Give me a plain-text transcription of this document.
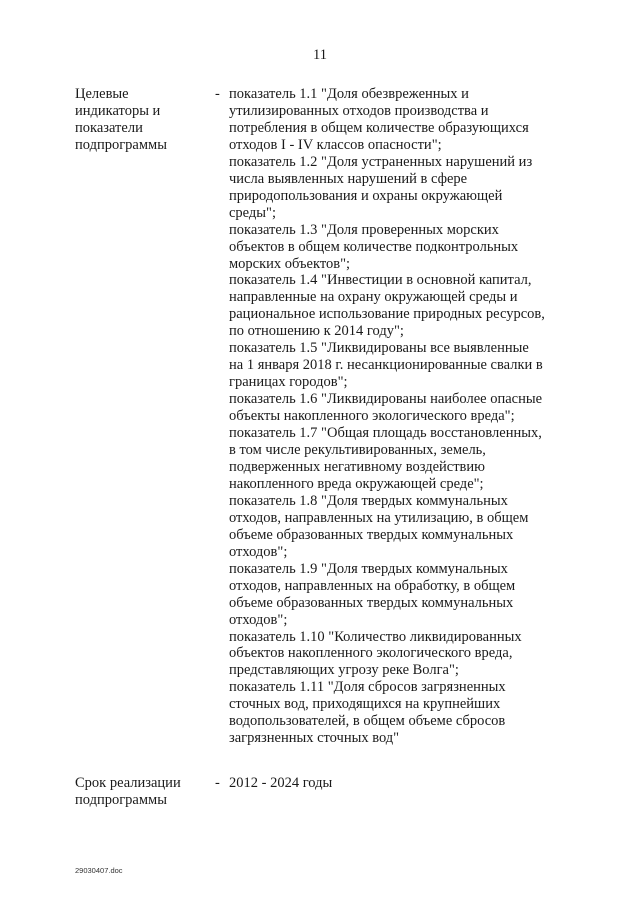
11
Целевые
индикаторы и
показатели
подпрограммы
- показатель 1.1 "Доля обезвреженных и
утилизированных отходов производства и
потребления в общем количестве образующихся
отходов I - IV классов опасности";
показатель 1.2 "Доля устраненных нарушений из
числа выявленных нарушений в сфере
природопользования и охраны окружающей
среды";
показатель 1.3 "Доля проверенных морских
объектов в общем количестве подконтрольных
морских объектов";
показатель 1.4 "Инвестиции в основной капитал,
направленные на охрану окружающей среды и
рациональное использование природных ресурсов,
по отношению к 2014 году";
показатель 1.5 "Ликвидированы все выявленные
на 1 января 2018 г. несанкционированные свалки в
границах городов";
показатель 1.6 "Ликвидированы наиболее опасные
объекты накопленного экологического вреда";
показатель 1.7 "Общая площадь восстановленных,
в том числе рекультивированных, земель,
подверженных негативному воздействию
накопленного вреда окружающей среде";
показатель 1.8 "Доля твердых коммунальных
отходов, направленных на утилизацию, в общем
объеме образованных твердых коммунальных
отходов";
показатель 1.9 "Доля твердых коммунальных
отходов, направленных на обработку, в общем
объеме образованных твердых коммунальных
отходов";
показатель 1.10 "Количество ликвидированных
объектов накопленного экологического вреда,
представляющих угрозу реке Волга";
показатель 1.11 "Доля сбросов загрязненных
сточных вод, приходящихся на крупнейших
водопользователей, в общем объеме сбросов
загрязненных сточных вод"
Срок реализации
подпрограммы
- 2012 - 2024 годы
29030407.doc
